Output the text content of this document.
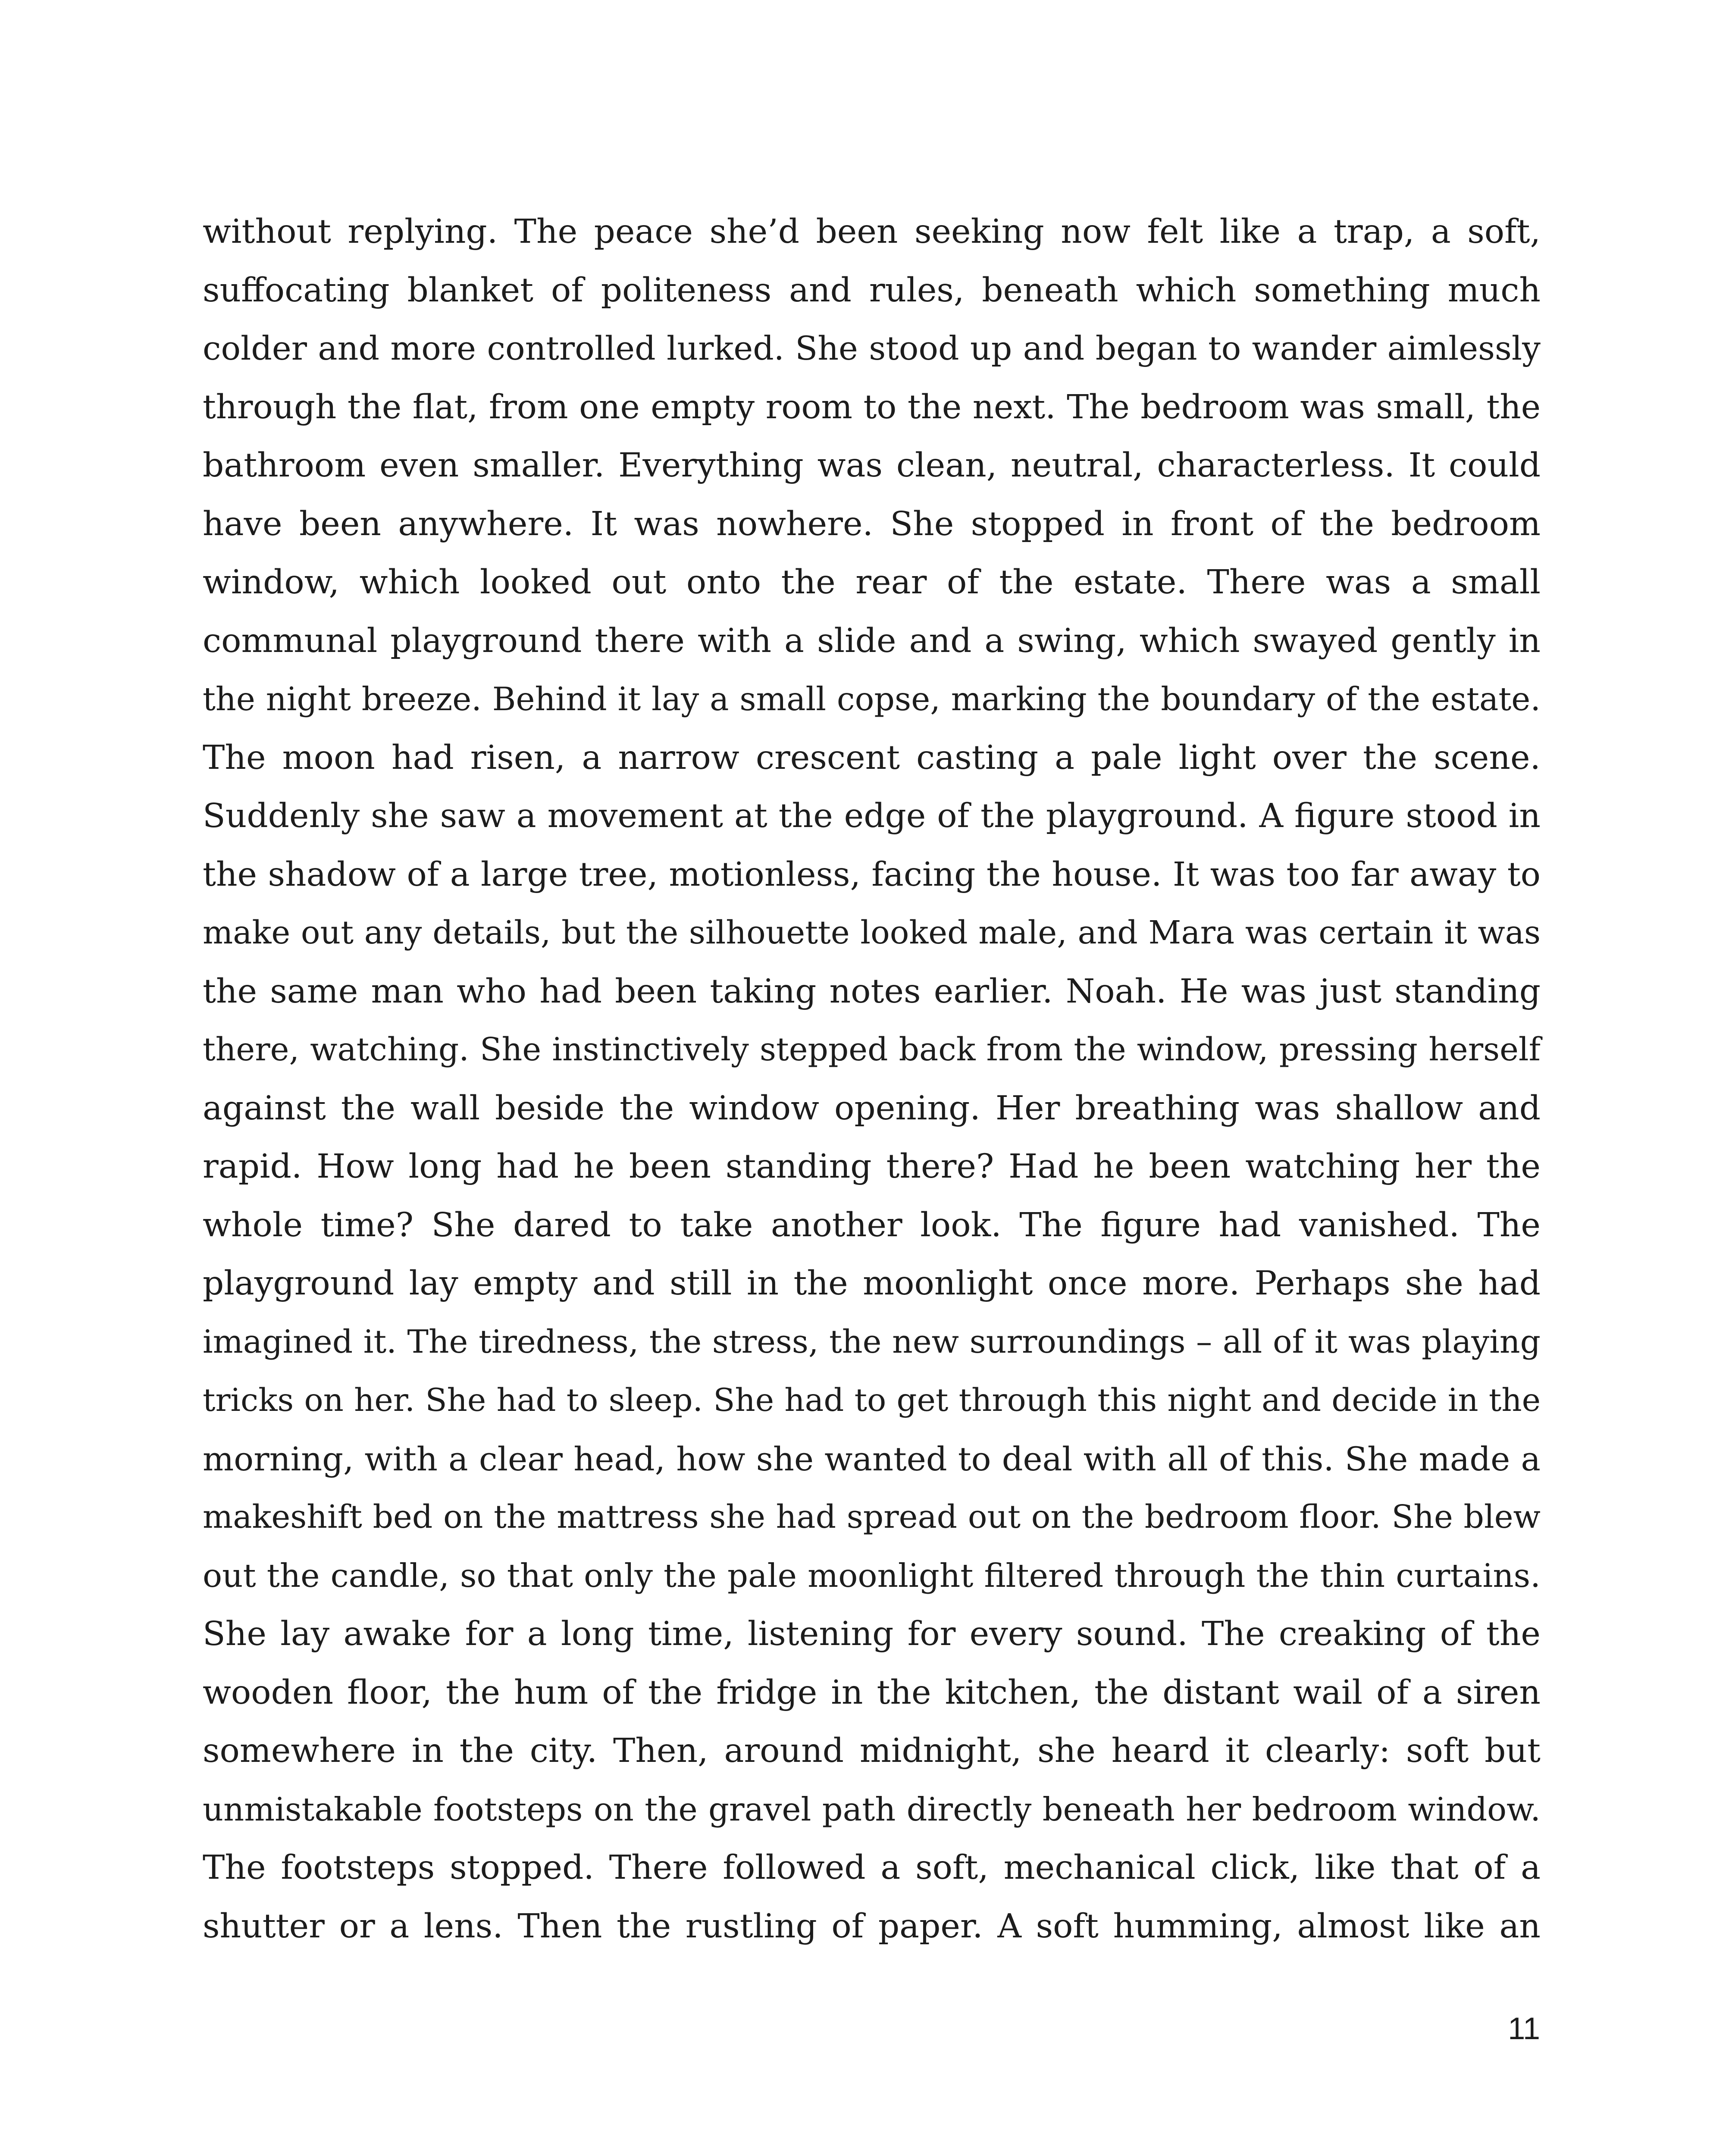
without replying. The peace she’d been seeking now felt like a trap, a soft,
suffocating blanket of politeness and rules, beneath which something much
colder and more controlled lurked. She stood up and began to wander aimlessly
through the flat, from one empty room to the next. The bedroom was small, the
bathroom even smaller. Everything was clean, neutral, characterless. It could
have been anywhere. It was nowhere. She stopped in front of the bedroom
window, which looked out onto the rear of the estate. There was a small
communal playground there with a slide and a swing, which swayed gently in
the night breeze. Behind it lay a small copse, marking the boundary of the estate.
The moon had risen, a narrow crescent casting a pale light over the scene.
Suddenly she saw a movement at the edge of the playground. A figure stood in
the shadow of a large tree, motionless, facing the house. It was too far away to
make out any details, but the silhouette looked male, and Mara was certain it was
the same man who had been taking notes earlier. Noah. He was just standing
there, watching. She instinctively stepped back from the window, pressing herself
against the wall beside the window opening. Her breathing was shallow and
rapid. How long had he been standing there? Had he been watching her the
whole time? She dared to take another look. The figure had vanished. The
playground lay empty and still in the moonlight once more. Perhaps she had
imagined it. The tiredness, the stress, the new surroundings – all of it was playing
tricks on her. She had to sleep. She had to get through this night and decide in the
morning, with a clear head, how she wanted to deal with all of this. She made a
makeshift bed on the mattress she had spread out on the bedroom floor. She blew
out the candle, so that only the pale moonlight filtered through the thin curtains.
She lay awake for a long time, listening for every sound. The creaking of the
wooden floor, the hum of the fridge in the kitchen, the distant wail of a siren
somewhere in the city. Then, around midnight, she heard it clearly: soft but
unmistakable footsteps on the gravel path directly beneath her bedroom window.
The footsteps stopped. There followed a soft, mechanical click, like that of a
shutter or a lens. Then the rustling of paper. A soft humming, almost like an
11
